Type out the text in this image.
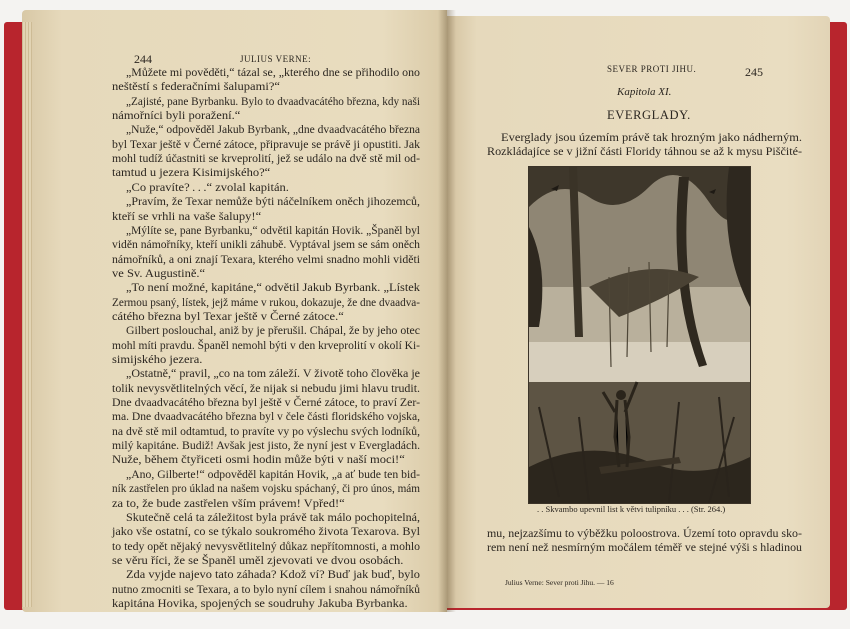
244	JULIUS VERNE:
„Můžete mi pověděti,“ tázal se, „kterého dne se přihodilo ono
neštěstí s federačními šalupami?“
„Zajisté, pane Byrbanku. Bylo to dvaadvacátého března, kdy naši
námořníci byli poražení.“
„Nuže,“ odpověděl Jakub Byrbank, „dne dvaadvacátého března
byl Texar ještě v Černé zátoce, připravuje se právě ji opustiti. Jak
mohl tudíž účastniti se krveprolití, jež se událo na dvě stě mil od-
tamtud u jezera Kisimijského?“
„Co pravíte? . . .“ zvolal kapitán.
„Pravím, že Texar nemůže býti náčelníkem oněch jihozemců,
kteří se vrhli na vaše šalupy!“
„Mýlíte se, pane Byrbanku,“ odvětil kapitán Hovik. „Španěl byl
viděn námořníky, kteří unikli záhubě. Vyptával jsem se sám oněch
námořníků, a oni znají Texara, kterého velmi snadno mohli viděti
ve Sv. Augustině.“
„To není možné, kapitáne,“ odvětil Jakub Byrbank. „Lístek
Zermou psaný, lístek, jejž máme v rukou, dokazuje, že dne dvaadva-
cátého března byl Texar ještě v Černé zátoce.“
Gilbert poslouchal, aniž by je přerušil. Chápal, že by jeho otec
mohl míti pravdu. Španěl nemohl býti v den krveprolití v okolí Ki-
simijského jezera.
„Ostatně,“ pravil, „co na tom záleží. V životě toho člověka je
tolik nevysvětlitelných věcí, že nijak si nebudu jimi hlavu trudit.
Dne dvaadvacátého března byl ještě v Černé zátoce, to praví Zer-
ma. Dne dvaadvacátého března byl v čele části floridského vojska,
na dvě stě mil odtamtud, to pravíte vy po výslechu svých lodníků,
milý kapitáne. Budiž! Avšak jest jisto, že nyní jest v Evergladách.
Nuže, během čtyřiceti osmi hodin může býti v naší moci!“
„Ano, Gilberte!“ odpověděl kapitán Hovik, „a ať bude ten bid-
ník zastřelen pro úklad na našem vojsku spáchaný, či pro únos, mám
za to, že bude zastřelen vším právem! Vpřed!“
Skutečně celá ta záležitost byla právě tak málo pochopitelná,
jako vše ostatní, co se týkalo soukromého života Texarova. Byl
to tedy opět nějaký nevysvětlitelný důkaz nepřítomnosti, a mohlo
se věru říci, že se Španěl uměl zjevovati ve dvou osobách.
Zda vyjde najevo tato záhada? Kdož ví? Buď jak buď, bylo
nutno zmocniti se Texara, a to bylo nyní cílem i snahou námořníků
kapitána Hovika, spojených se soudruhy Jakuba Byrbanka.
SEVER PROTI JIHU.	245
Kapitola XI.
EVERGLADY.
Everglady jsou územím právě tak hrozným jako nádherným.
Rozkládajíce se v jižní části Floridy táhnou se až k mysu Piščité-
. . Skvambo upevnil list k větvi tulipníku . . . (Str. 264.)
mu, nejzazšímu to výběžku poloostrova. Území toto opravdu sko-
rem není než nesmírným močálem téměř ve stejné výši s hladinou
Julius Verne: Sever proti Jihu. — 16
